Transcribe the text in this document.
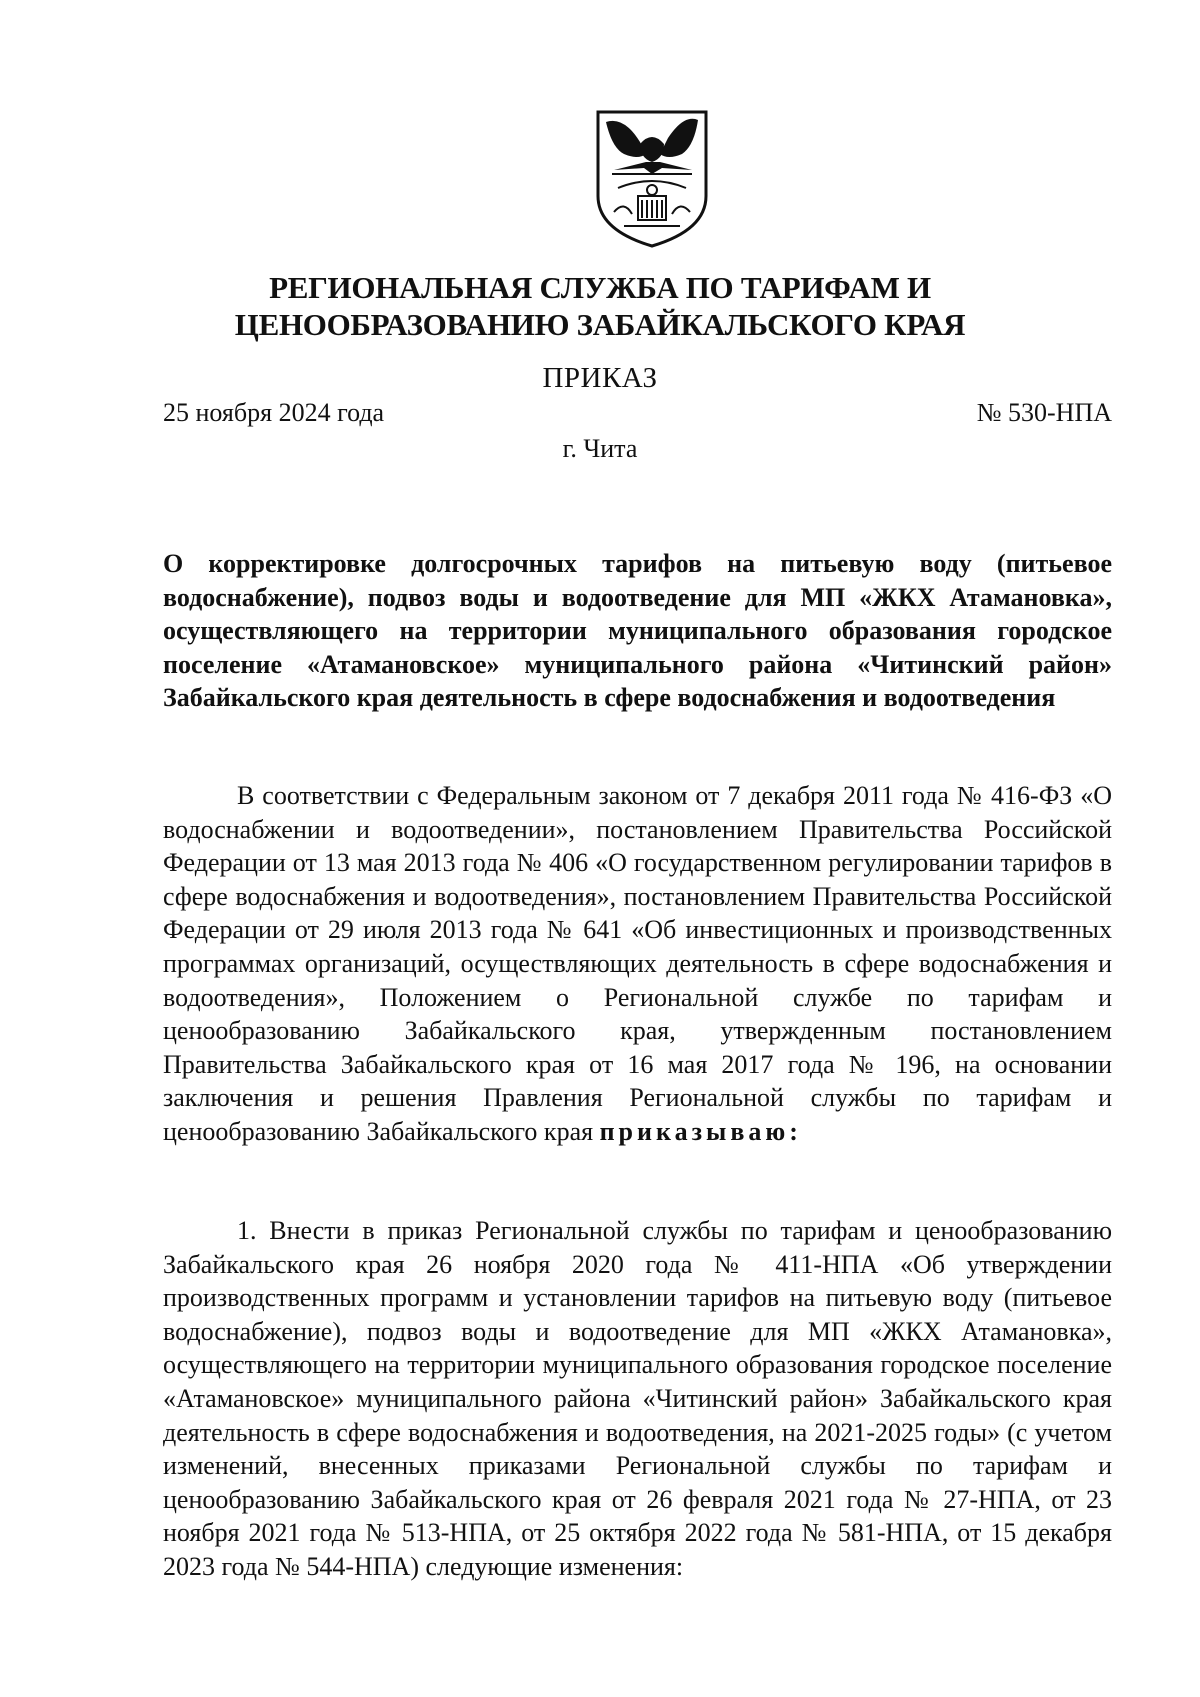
РЕГИОНАЛЬНАЯ СЛУЖБА ПО ТАРИФАМ И
ЦЕНООБРАЗОВАНИЮ ЗАБАЙКАЛЬСКОГО КРАЯ
ПРИКАЗ
25 ноября 2024 года	№ 530-НПА
г. Чита
О корректировке долгосрочных тарифов на питьевую воду (питьевое водоснабжение), подвоз воды и водоотведение для МП «ЖКХ Атамановка», осуществляющего на территории муниципального образования городское поселение «Атамановское» муниципального района «Читинский район» Забайкальского края деятельность в сфере водоснабжения и водоотведения
В соответствии с Федеральным законом от 7 декабря 2011 года № 416-ФЗ «О водоснабжении и водоотведении», постановлением Правительства Российской Федерации от 13 мая 2013 года № 406 «О государственном регулировании тарифов в сфере водоснабжения и водоотведения», постановлением Правительства Российской Федерации от 29 июля 2013 года № 641 «Об инвестиционных и производственных программах организаций, осуществляющих деятельность в сфере водоснабжения и водоотведения», Положением о Региональной службе по тарифам и ценообразованию Забайкальского края, утвержденным постановлением Правительства Забайкальского края от 16 мая 2017 года № 196, на основании заключения и решения Правления Региональной службы по тарифам и ценообразованию Забайкальского края приказываю:
1. Внести в приказ Региональной службы по тарифам и ценообразованию Забайкальского края 26 ноября 2020 года № 411-НПА «Об утверждении производственных программ и установлении тарифов на питьевую воду (питьевое водоснабжение), подвоз воды и водоотведение для МП «ЖКХ Атамановка», осуществляющего на территории муниципального образования городское поселение «Атамановское» муниципального района «Читинский район» Забайкальского края деятельность в сфере водоснабжения и водоотведения, на 2021-2025 годы» (с учетом изменений, внесенных приказами Региональной службы по тарифам и ценообразованию Забайкальского края от 26 февраля 2021 года № 27-НПА, от 23 ноября 2021 года № 513-НПА, от 25 октября 2022 года № 581-НПА, от 15 декабря 2023 года № 544-НПА) следующие изменения:
